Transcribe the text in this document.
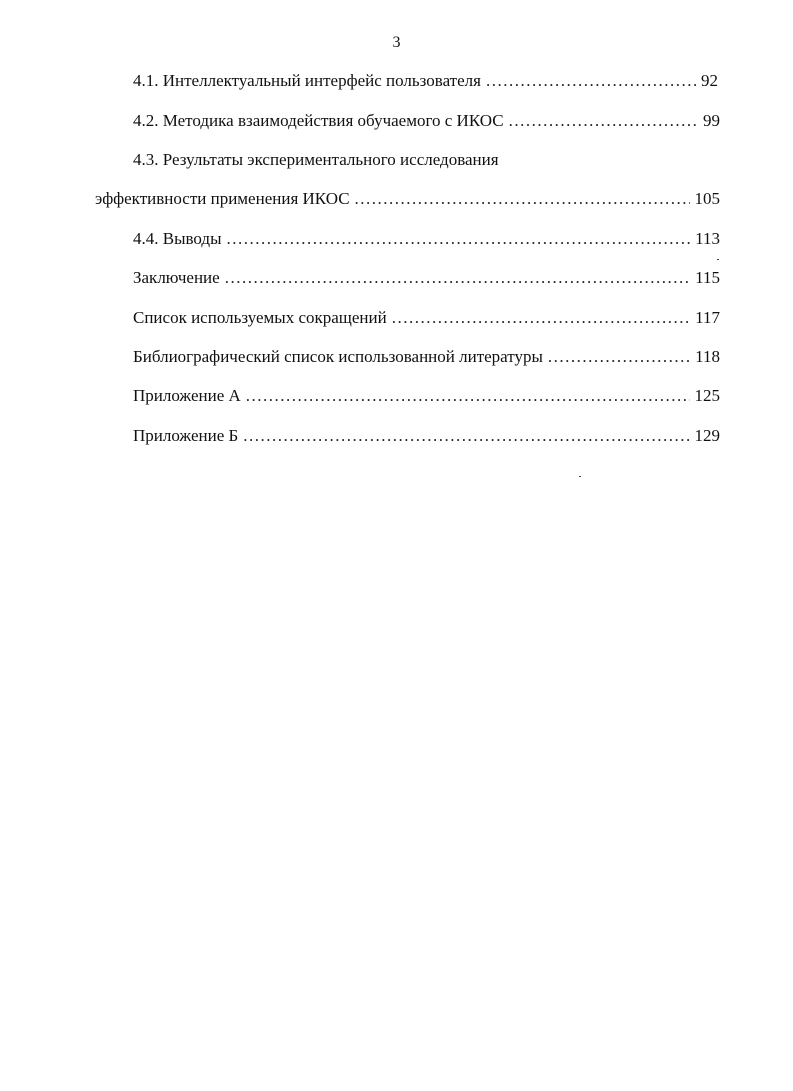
3
4.1. Интеллектуальный интерфейс пользователя .....	92
4.2. Методика взаимодействия обучаемого с ИКОС .....	99
4.3. Результаты экспериментального исследования
эффективности применения ИКОС .....	105
4.4. Выводы .....	113
Заключение .....	115
Список используемых сокращений .....	117
Библиографический список использованной литературы .....	118
Приложение А .....	125
Приложение Б .....	129
